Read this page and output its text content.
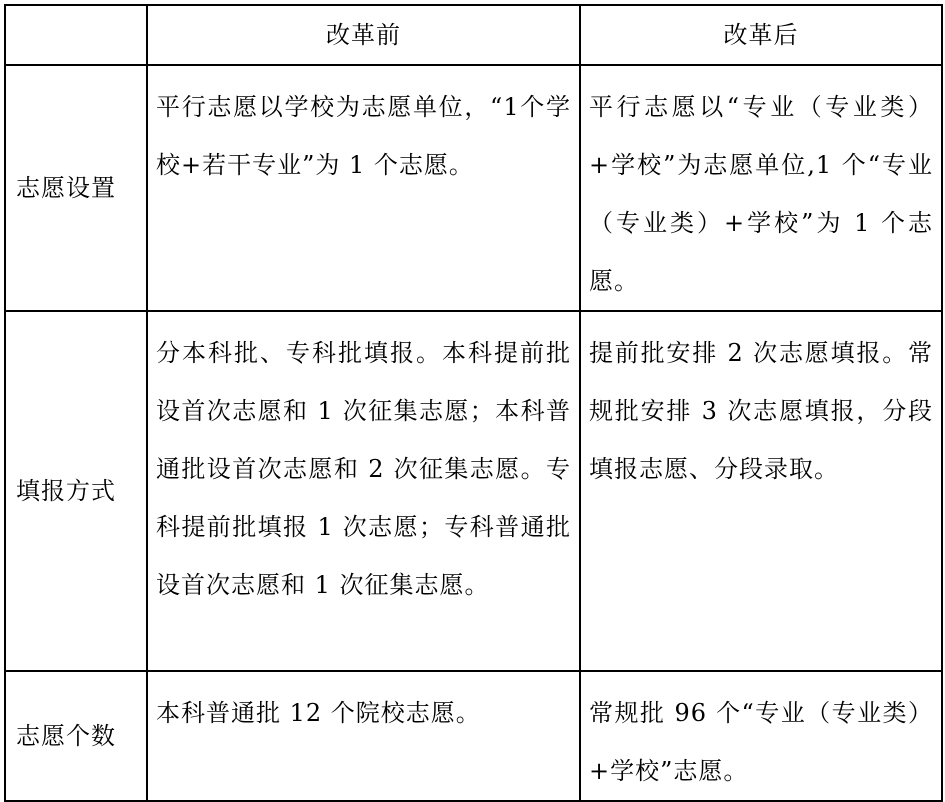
	改革前	改革后
志愿设置	平行志愿以学校为志愿单位，“1个学校+若干专业”为 1 个志愿。	平行志愿以“专业（专业类）+学校”为志愿单位,1 个“专业（专业类）+学校”为 1 个志愿。

填报方式	分本科批、专科批填报。本科提前批设首次志愿和 1 次征集志愿；本科普通批设首次志愿和 2 次征集志愿。专科提前批填报 1 次志愿；专科普通批设首次志愿和 1 次征集志愿。	提前批安排 2 次志愿填报。常规批安排 3 次志愿填报，分段填报志愿、分段录取。

志愿个数	本科普通批 12 个院校志愿。	常规批 96 个“专业（专业类）+学校”志愿。
